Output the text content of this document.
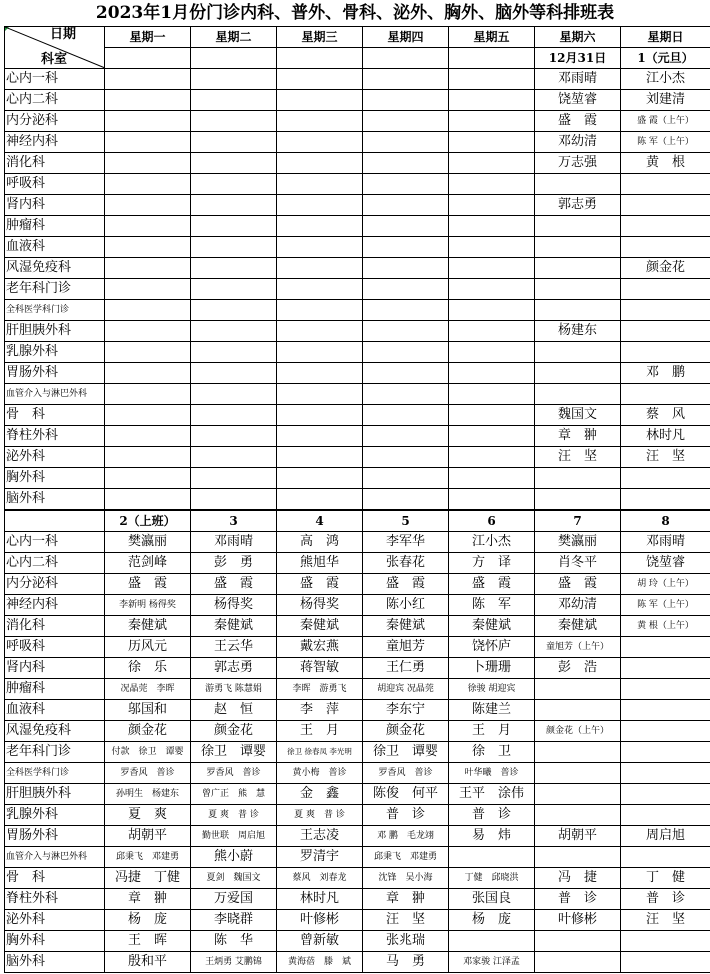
2023年1月份门诊内科、普外、骨科、泌外、胸外、脑外等科排班表
日期
科室	星期一	星期二	星期三	星期四	星期五	星期六	星期日
						12月31日	1（元旦）
心内一科						邓雨晴	江小杰
心内二科						饶堃睿	刘建清
内分泌科						盛　霞	盛 霞（上午）
神经内科						邓幼清	陈 军（上午）
消化科						万志强	黄　根
呼吸科							
肾内科						郭志勇	
肿瘤科							
血液科							
风湿免疫科							颜金花
老年科门诊							
全科医学科门诊							
肝胆胰外科						杨建东	
乳腺外科							
胃肠外科							邓　鹏
血管介入与淋巴外科							
骨　科						魏国文	蔡　风
脊柱外科						章　翀	林时凡
泌外科						汪　坚	汪　坚
胸外科							
脑外科							
	2（上班）	3	4	5	6	7	8
心内一科	樊瀛丽	邓雨晴	高　鸿	李军华	江小杰	樊瀛丽	邓雨晴
心内二科	范剑峰	彭　勇	熊旭华	张春花	方　译	肖冬平	饶堃睿
内分泌科	盛　霞	盛　霞	盛　霞	盛　霞	盛　霞	盛　霞	胡 玲（上午）
神经内科	李新明 杨得奖	杨得奖	杨得奖	陈小红	陈　军	邓幼清	陈 军（上午）
消化科	秦健斌	秦健斌	秦健斌	秦健斌	秦健斌	秦健斌	黄 根（上午）
呼吸科	历风元	王云华	戴宏燕	童旭芳	饶怀庐	童旭芳（上午）	
肾内科	徐　乐	郭志勇	蒋智敏	王仁勇	卜珊珊	彭　浩	
肿瘤科	况晶莞　李晖	游勇飞 陈慧娟	李晖　游勇飞	胡迎宾 况晶莞	徐骏 胡迎宾		
血液科	邬国和	赵　恒	李　萍	李东宁	陈建兰		
风湿免疫科	颜金花	颜金花	王　月	颜金花	王　月	颜金花（上午）	
老年科门诊	付款　徐卫　谭婴	徐卫　谭婴	徐卫 徐春凤 李光明	徐卫　谭婴	徐　卫		
全科医学科门诊	罗香风　普诊	罗香风　普诊	黄小梅　普诊	罗香风　普诊	叶华曦　普诊		
肝胆胰外科	孙明生　杨建东	曾广正　熊　慧	金　鑫	陈俊　何平	王平　涂伟		
乳腺外科	夏　爽	夏 爽　普 诊	夏 爽　普 诊	普　诊	普　诊		
胃肠外科	胡朝平	勤世联　周启旭	王志凌	邓 鹏　毛龙翊	易　炜	胡朝平	周启旭
血管介入与淋巴外科	邱秉飞　邓建勇	熊小蔚	罗清宇	邱秉飞　邓建勇			
骨　科	冯捷　丁健	夏剑　魏国文	蔡风　刘春龙	沈锋　吴小海	丁健　邱晓洪	冯　捷	丁　健
脊柱外科	章　翀	万爱国	林时凡	章　翀	张国良	普　诊	普　诊
泌外科	杨　庞	李晓群	叶修彬	汪　坚	杨　庞	叶修彬	汪　坚
胸外科	王　晖	陈　华	曾新敏	张兆瑞			
脑外科	殷和平	王炳勇 艾鹏锦	黄海蓓　滕　斌	马　勇	邓家骏 江泽孟		
